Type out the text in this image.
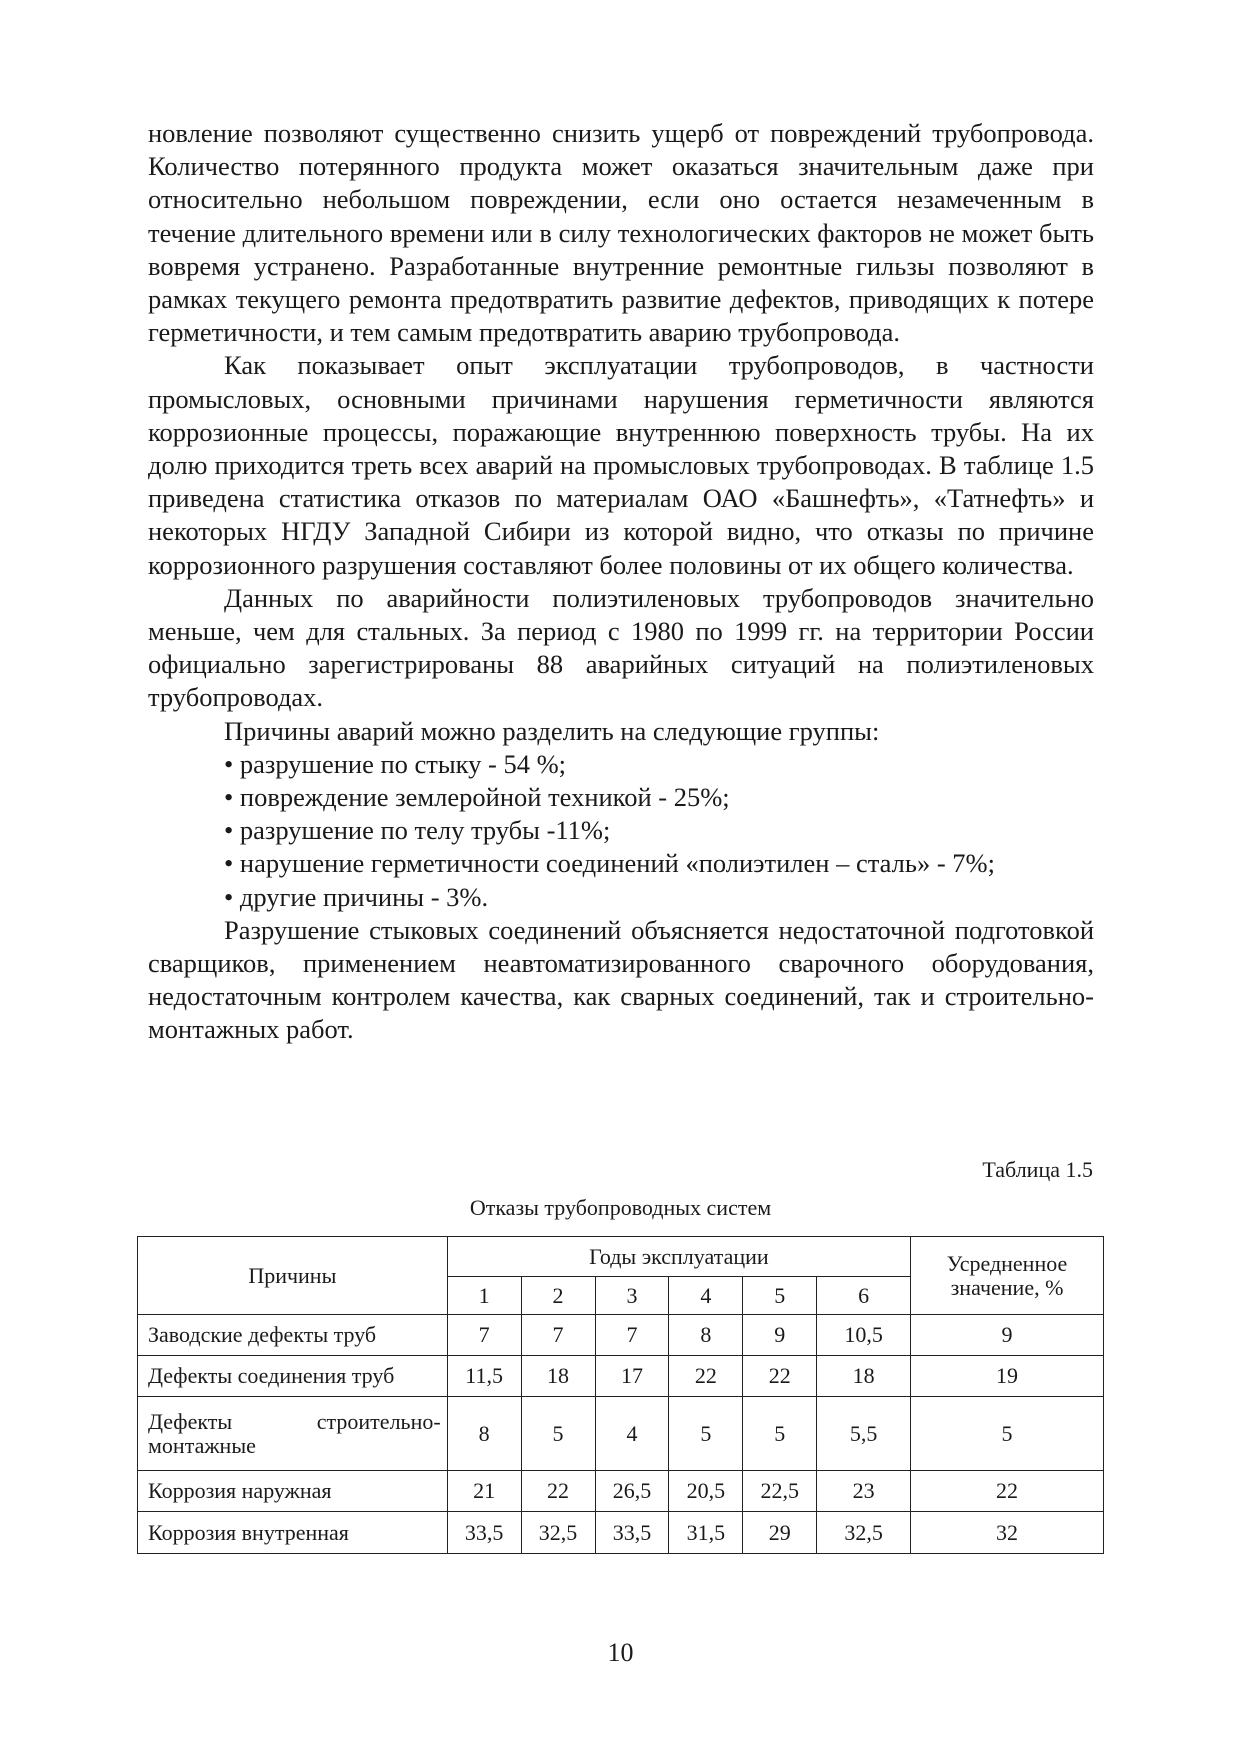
новление позволяют существенно снизить ущерб от повреждений трубопровода. Количество потерянного продукта может оказаться значительным даже при относительно небольшом повреждении, если оно остается незамеченным в течение длительного времени или в силу технологических факторов не может быть вовремя устранено. Разработанные внутренние ремонтные гильзы позволяют в рамках текущего ремонта предотвратить развитие дефектов, приводящих к потере герметичности, и тем самым предотвратить аварию трубопровода.

Как показывает опыт эксплуатации трубопроводов, в частности промысловых, основными причинами нарушения герметичности являются коррозионные процессы, поражающие внутреннюю поверхность трубы. На их долю приходится треть всех аварий на промысловых трубопроводах. В таблице 1.5 приведена статистика отказов по материалам ОАО «Башнефть», «Татнефть» и некоторых НГДУ Западной Сибири из которой видно, что отказы по причине коррозионного разрушения составляют более половины от их общего количества.

Данных по аварийности полиэтиленовых трубопроводов значительно меньше, чем для стальных. За период с 1980 по 1999 гг. на территории России официально зарегистрированы 88 аварийных ситуаций на полиэтиленовых трубопроводах.

Причины аварий можно разделить на следующие группы:

• разрушение по стыку - 54 %;
• повреждение землеройной техникой - 25%;
• разрушение по телу трубы -11%;
• нарушение герметичности соединений «полиэтилен – сталь» - 7%;
• другие причины - 3%.

Разрушение стыковых соединений объясняется недостаточной подготовкой сварщиков, применением неавтоматизированного сварочного оборудования, недостаточным контролем качества, как сварных соединений, так и строительно-монтажных работ.

Таблица 1.5
Отказы трубопроводных систем
Причины	Годы эксплуатации						Усредненное значение, %
	1	2	3	4	5	6	
Заводские дефекты труб	7	7	7	8	9	10,5	9
Дефекты соединения труб	11,5	18	17	22	22	18	19

Дефекты строительно-
монтажные	8	5	4	5	5	5,5	5
Коррозия наружная	21	22	26,5	20,5	22,5	23	22
Коррозия внутренная	33,5	32,5	33,5	31,5	29	32,5	32
10
